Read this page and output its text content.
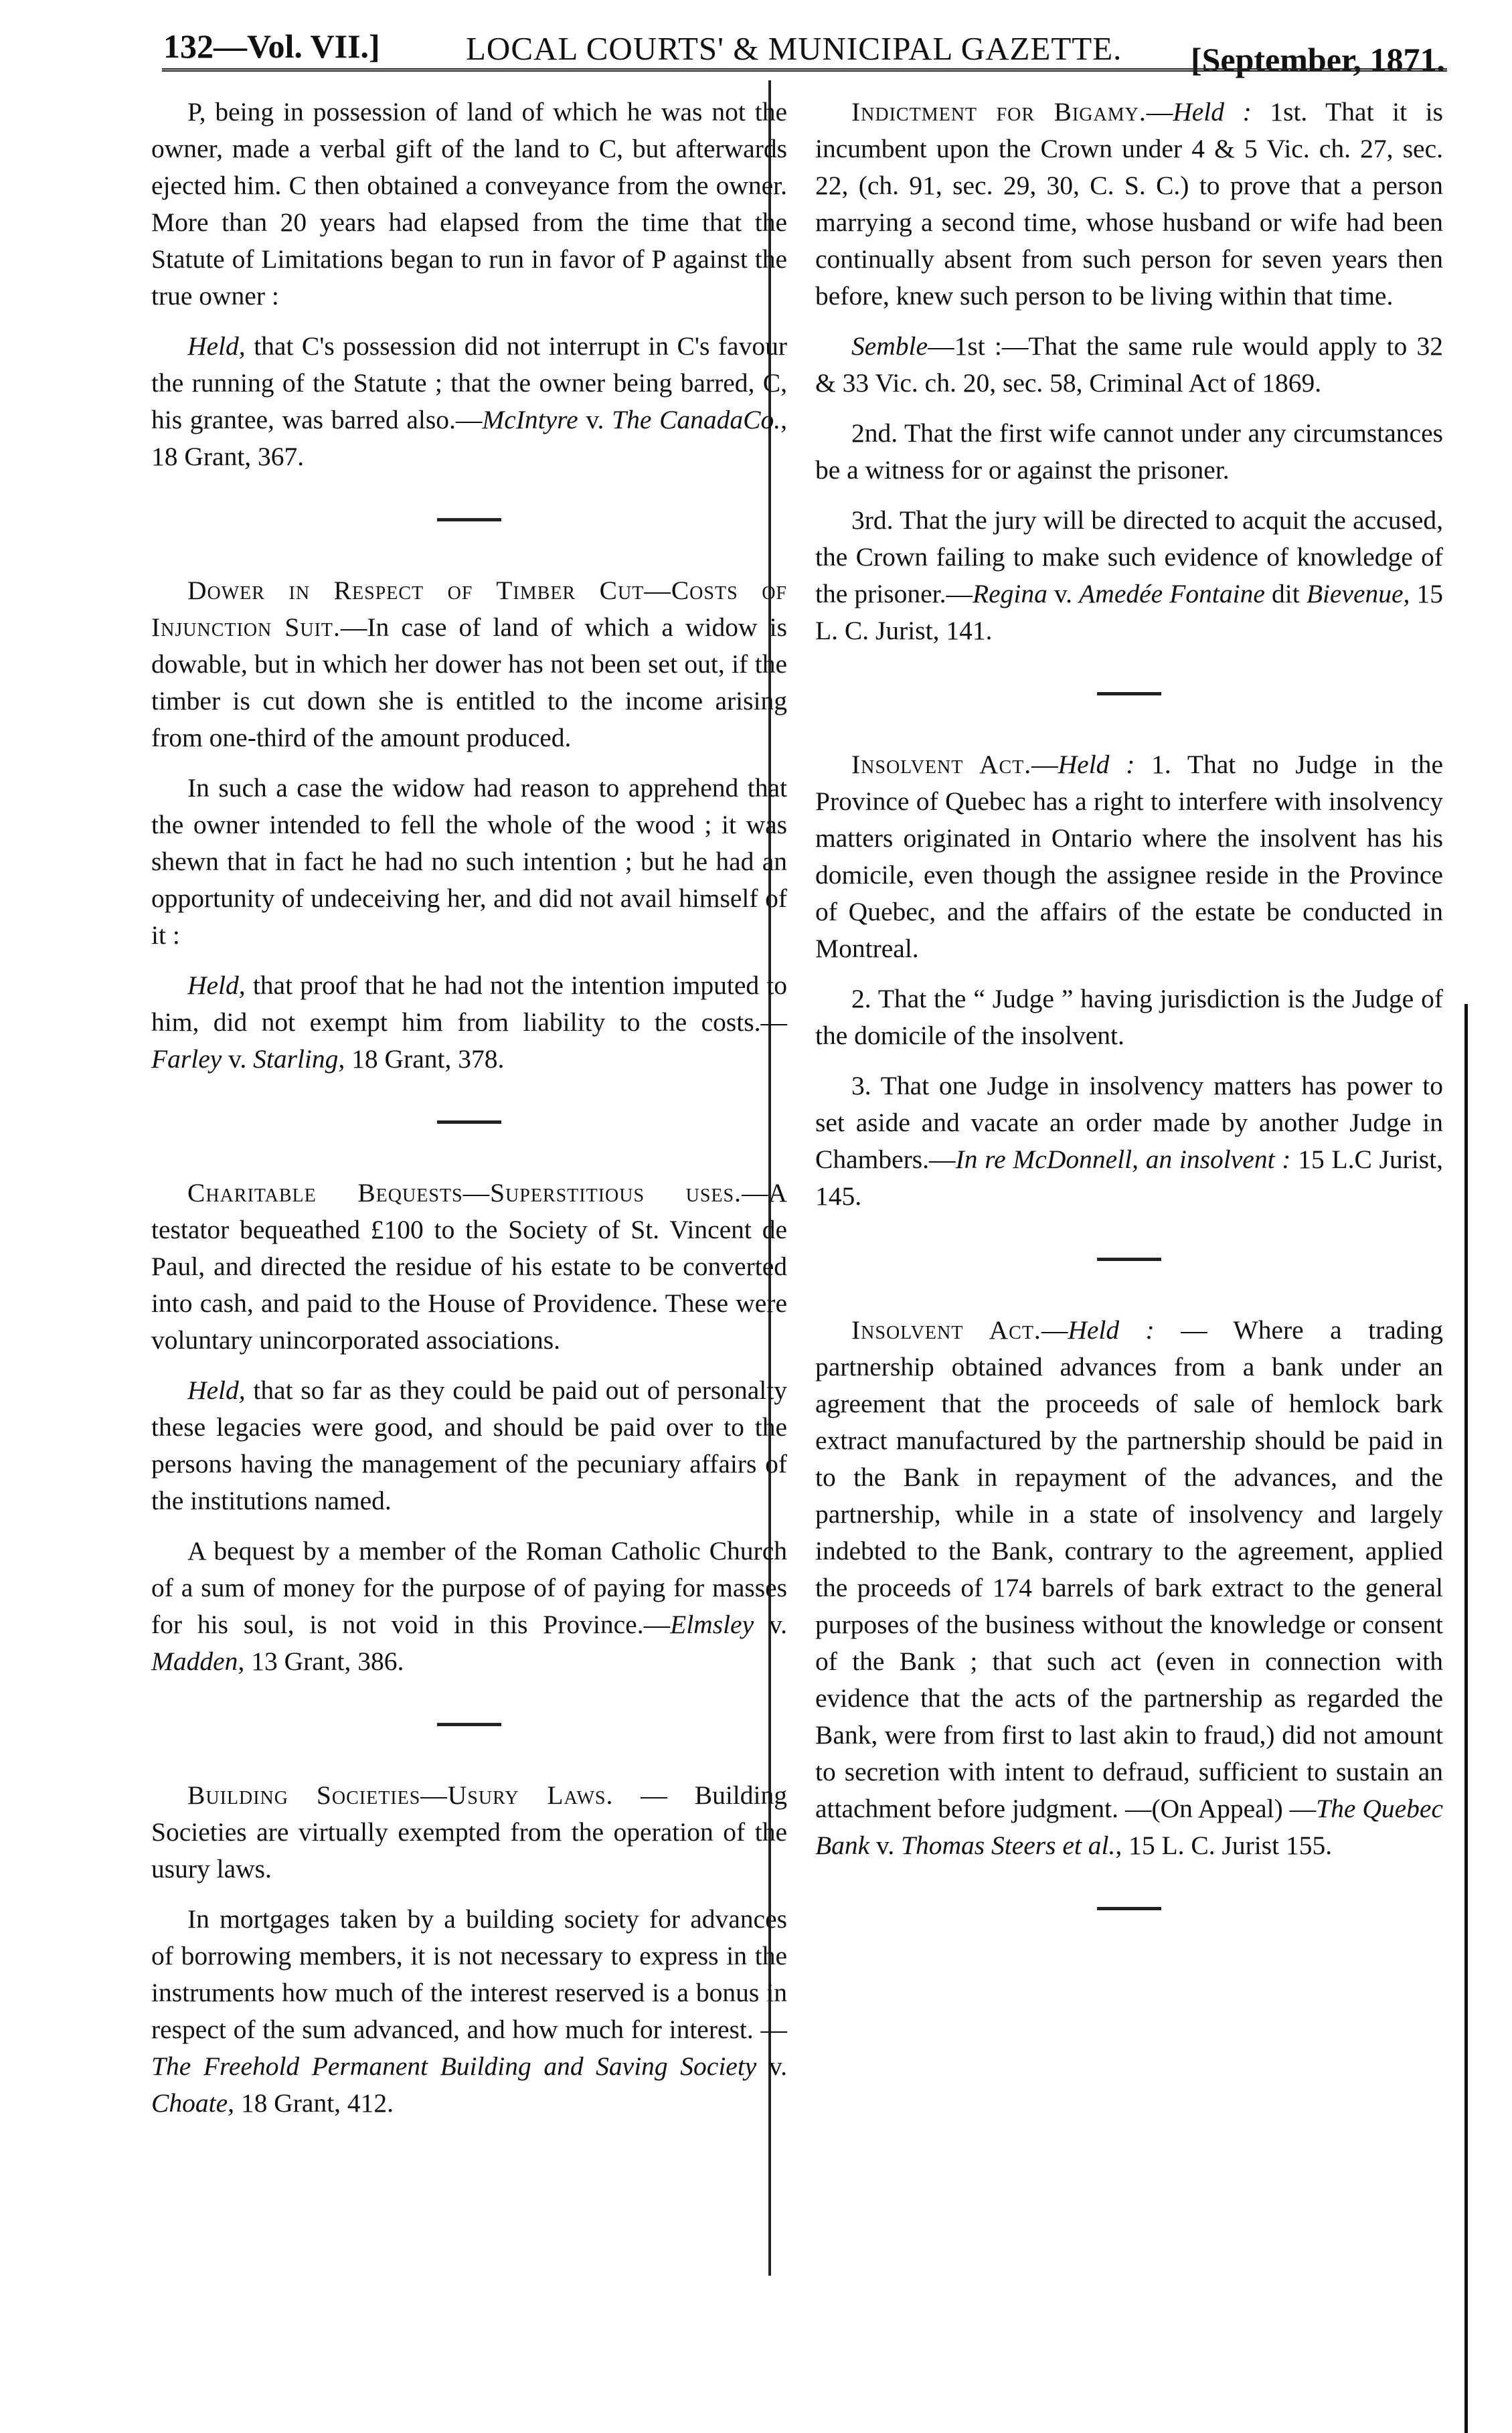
132—Vol. VII.]	LOCAL COURTS' & MUNICIPAL GAZETTE. [September, 1871.

P, being in possession of land of which he was not the owner, made a verbal gift of the land to C, but afterwards ejected him. C then obtained a conveyance from the owner. More than 20 years had elapsed from the time that the Statute of Limitations began to run in favor of P against the true owner :

Held, that C's possession did not interrupt in C's favour the running of the Statute ; that the owner being barred, C, his grantee, was barred also.—McIntyre v. The CanadaCo., 18 Grant, 367.

Dower in Respect of Timber Cut—Costs of Injunction Suit.—In case of land of which a widow is dowable, but in which her dower has not been set out, if the timber is cut down she is entitled to the income arising from one-third of the amount produced.

In such a case the widow had reason to apprehend that the owner intended to fell the whole of the wood ; it was shewn that in fact he had no such intention ; but he had an opportunity of undeceiving her, and did not avail himself of it :

Held, that proof that he had not the intention imputed to him, did not exempt him from liability to the costs.—Farley v. Starling, 18 Grant, 378.

Charitable Bequests—Superstitious uses.—A testator bequeathed £100 to the Society of St. Vincent de Paul, and directed the residue of his estate to be converted into cash, and paid to the House of Providence. These were voluntary unincorporated associations.

Held, that so far as they could be paid out of personalty these legacies were good, and should be paid over to the persons having the management of the pecuniary affairs of the institutions named.

A bequest by a member of the Roman Catholic Church of a sum of money for the purpose of of paying for masses for his soul, is not void in this Province.—Elmsley v. Madden, 13 Grant, 386.

Building Societies—Usury Laws. — Building Societies are virtually exempted from the operation of the usury laws.

In mortgages taken by a building society for advances of borrowing members, it is not necessary to express in the instruments how much of the interest reserved is a bonus in respect of the sum advanced, and how much for interest. —The Freehold Permanent Building and Saving Society v. Choate, 18 Grant, 412.

Indictment for Bigamy.—Held : 1st. That it is incumbent upon the Crown under 4 & 5 Vic. ch. 27, sec. 22, (ch. 91, sec. 29, 30, C. S. C.) to prove that a person marrying a second time, whose husband or wife had been continually absent from such person for seven years then before, knew such person to be living within that time.

Semble—1st :—That the same rule would apply to 32 & 33 Vic. ch. 20, sec. 58, Criminal Act of 1869.

2nd. That the first wife cannot under any circumstances be a witness for or against the prisoner.

3rd. That the jury will be directed to acquit the accused, the Crown failing to make such evidence of knowledge of the prisoner.—Regina v. Amedée Fontaine dit Bievenue, 15 L. C. Jurist, 141.

Insolvent Act.—Held : 1. That no Judge in the Province of Quebec has a right to interfere with insolvency matters originated in Ontario where the insolvent has his domicile, even though the assignee reside in the Province of Quebec, and the affairs of the estate be conducted in Montreal.

2. That the “ Judge ” having jurisdiction is the Judge of the domicile of the insolvent.

3. That one Judge in insolvency matters has power to set aside and vacate an order made by another Judge in Chambers.—In re McDonnell, an insolvent : 15 L.C Jurist, 145.

Insolvent Act.—Held : — Where a trading partnership obtained advances from a bank under an agreement that the proceeds of sale of hemlock bark extract manufactured by the partnership should be paid in to the Bank in repayment of the advances, and the partnership, while in a state of insolvency and largely indebted to the Bank, contrary to the agreement, applied the proceeds of 174 barrels of bark extract to the general purposes of the business without the knowledge or consent of the Bank ; that such act (even in connection with evidence that the acts of the partnership as regarded the Bank, were from first to last akin to fraud,) did not amount to secretion with intent to defraud, sufficient to sustain an attachment before judgment. —(On Appeal) —The Quebec Bank v. Thomas Steers et al., 15 L. C. Jurist 155.
